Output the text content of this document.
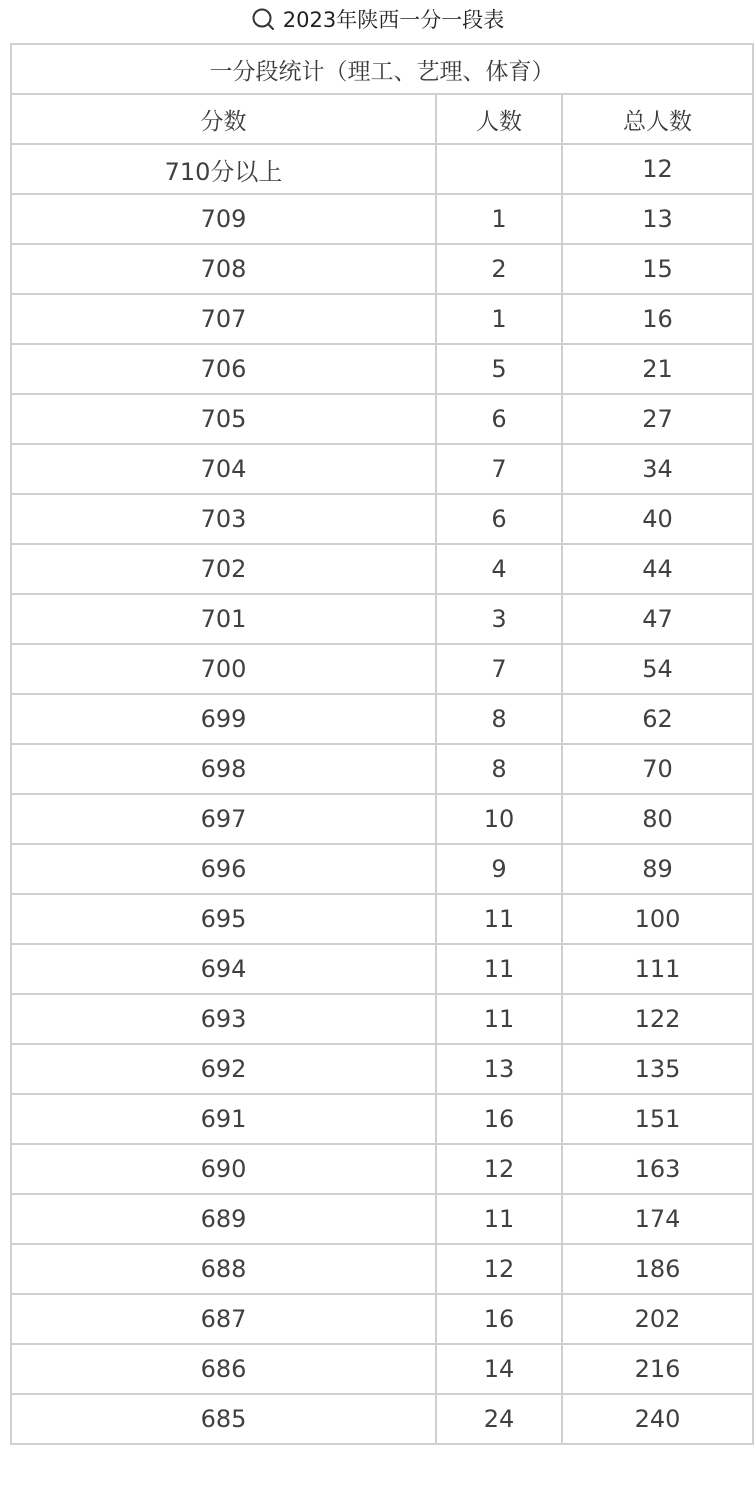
2023年陕西一分一段表
一分段统计（理工、艺理、体育）		
分数	人数	总人数
710分以上		12
709	1	13
708	2	15
707	1	16
706	5	21
705	6	27
704	7	34
703	6	40
702	4	44
701	3	47
700	7	54
699	8	62
698	8	70
697	10	80
696	9	89
695	11	100
694	11	111
693	11	122
692	13	135
691	16	151
690	12	163
689	11	174
688	12	186
687	16	202
686	14	216
685	24	240
